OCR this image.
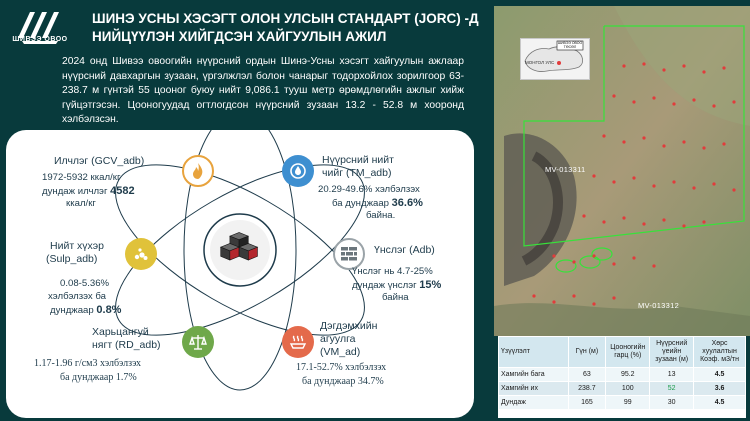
ШИВЭЭ ОВОО
ШИНЭ УСНЫ ХЭСЭГТ ОЛОН УЛСЫН СТАНДАРТ (JORC) -Д НИЙЦҮҮЛЭН ХИЙГДСЭН ХАЙГУУЛЫН АЖИЛ

2024 онд Шивээ овоогийн нүүрсний ордын Шинэ-Усны хэсэгт хайгуулын ажлаар нүүрсний давхаргын зузаан, үргэлжлэл болон чанарыг тодорхойлох зорилгоор 63-238.7 м гүнтэй 55 цооног буюу нийт 9,086.1 тууш метр өрөмдлөгийн ажлыг хийж гүйцэтгэсэн. Цооногуудад огтлогдсон нүүрсний зузаан 13.2 - 52.8 м хооронд хэлбэлзсэн.

Илчлэг (GCV_adb)
1972-5932 ккал/кг
дундаж илчлэг 4582
ккал/кг
Нүүрсний нийт
чийг (TM_adb)
20.29-49.6% хэлбэлзэх
ба дунджаар 36.6%
байна.
Нийт хүхэр
(Sulp_adb)
0.08-5.36%
хэлбэлзэх ба
дунджаар 0.8%
Үнслэг (Adb)
Үнслэг нь 4.7-25%
дундаж үнслэг 15%
байна
Харьцангуй
нягт (RD_adb)
1.17-1.96 г/см3 хэлбэлзэх
ба дунджаар 1.7%
Дэгдэмхийн
агуулга
(VM_ad)
17.1-52.7% хэлбэлзэх
ба дунджаар 34.7%
МОНГОЛ УЛС
ШИВЭЭ ОВОО ТӨСӨЛ
MV-013311
MV-013312
Үзүүлэлт	Гүн (м)	Цооногийн гарц (%)	Нүүрсний үеийн зузаан (м)	Хөрс хуулалтын Коэф. м3/тн
Хамгийн бага	63	95.2	13	4.5
Хамгийн их	238.7	100	52	3.6
Дундаж	165	99	30	4.5
